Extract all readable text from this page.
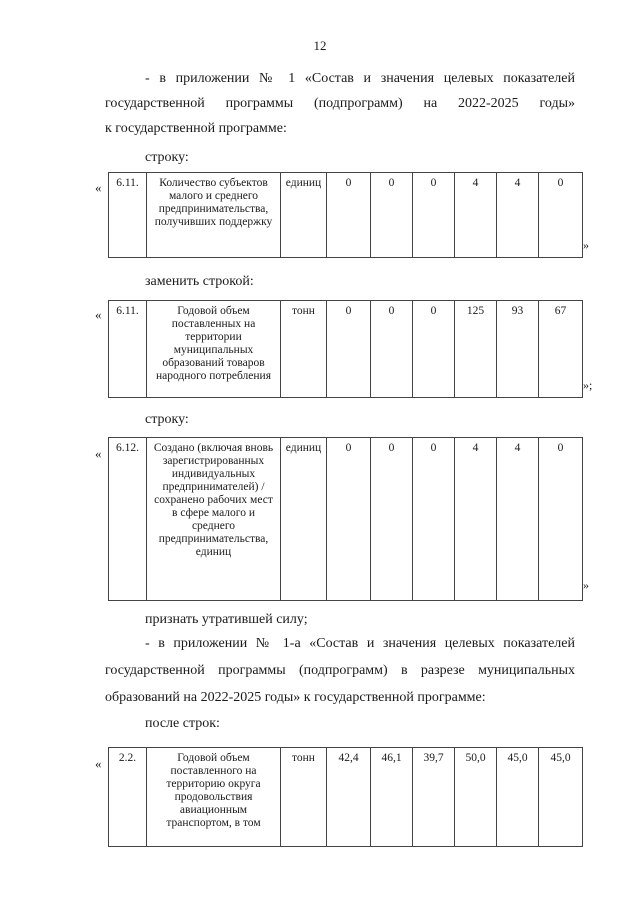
12
- в приложении № 1 «Состав и значения целевых показателей
государственной программы (подпрограмм) на 2022-2025 годы»
к государственной программе:
строку:
« 6.11.	Количество субъектов малого и среднего предпринимательства, получивших поддержку	единиц	0	0	0	4	4	0
»
заменить строкой:
« 6.11.	Годовой объем поставленных на территории муниципальных образований товаров народного потребления	тонн	0	0	0	125	93	67
»;
строку:
« 6.12.	Создано (включая вновь зарегистрированных индивидуальных предпринимателей) / сохранено рабочих мест в сфере малого и среднего предпринимательства, единиц	единиц	0	0	0	4	4	0
»
признать утратившей силу;
- в приложении № 1-а «Состав и значения целевых показателей
государственной программы (подпрограмм) в разрезе муниципальных
образований на 2022-2025 годы» к государственной программе:
после строк:
« 2.2.	Годовой объем поставленного на территорию округа продовольствия авиационным транспортом, в том	тонн	42,4	46,1	39,7	50,0	45,0	45,0
